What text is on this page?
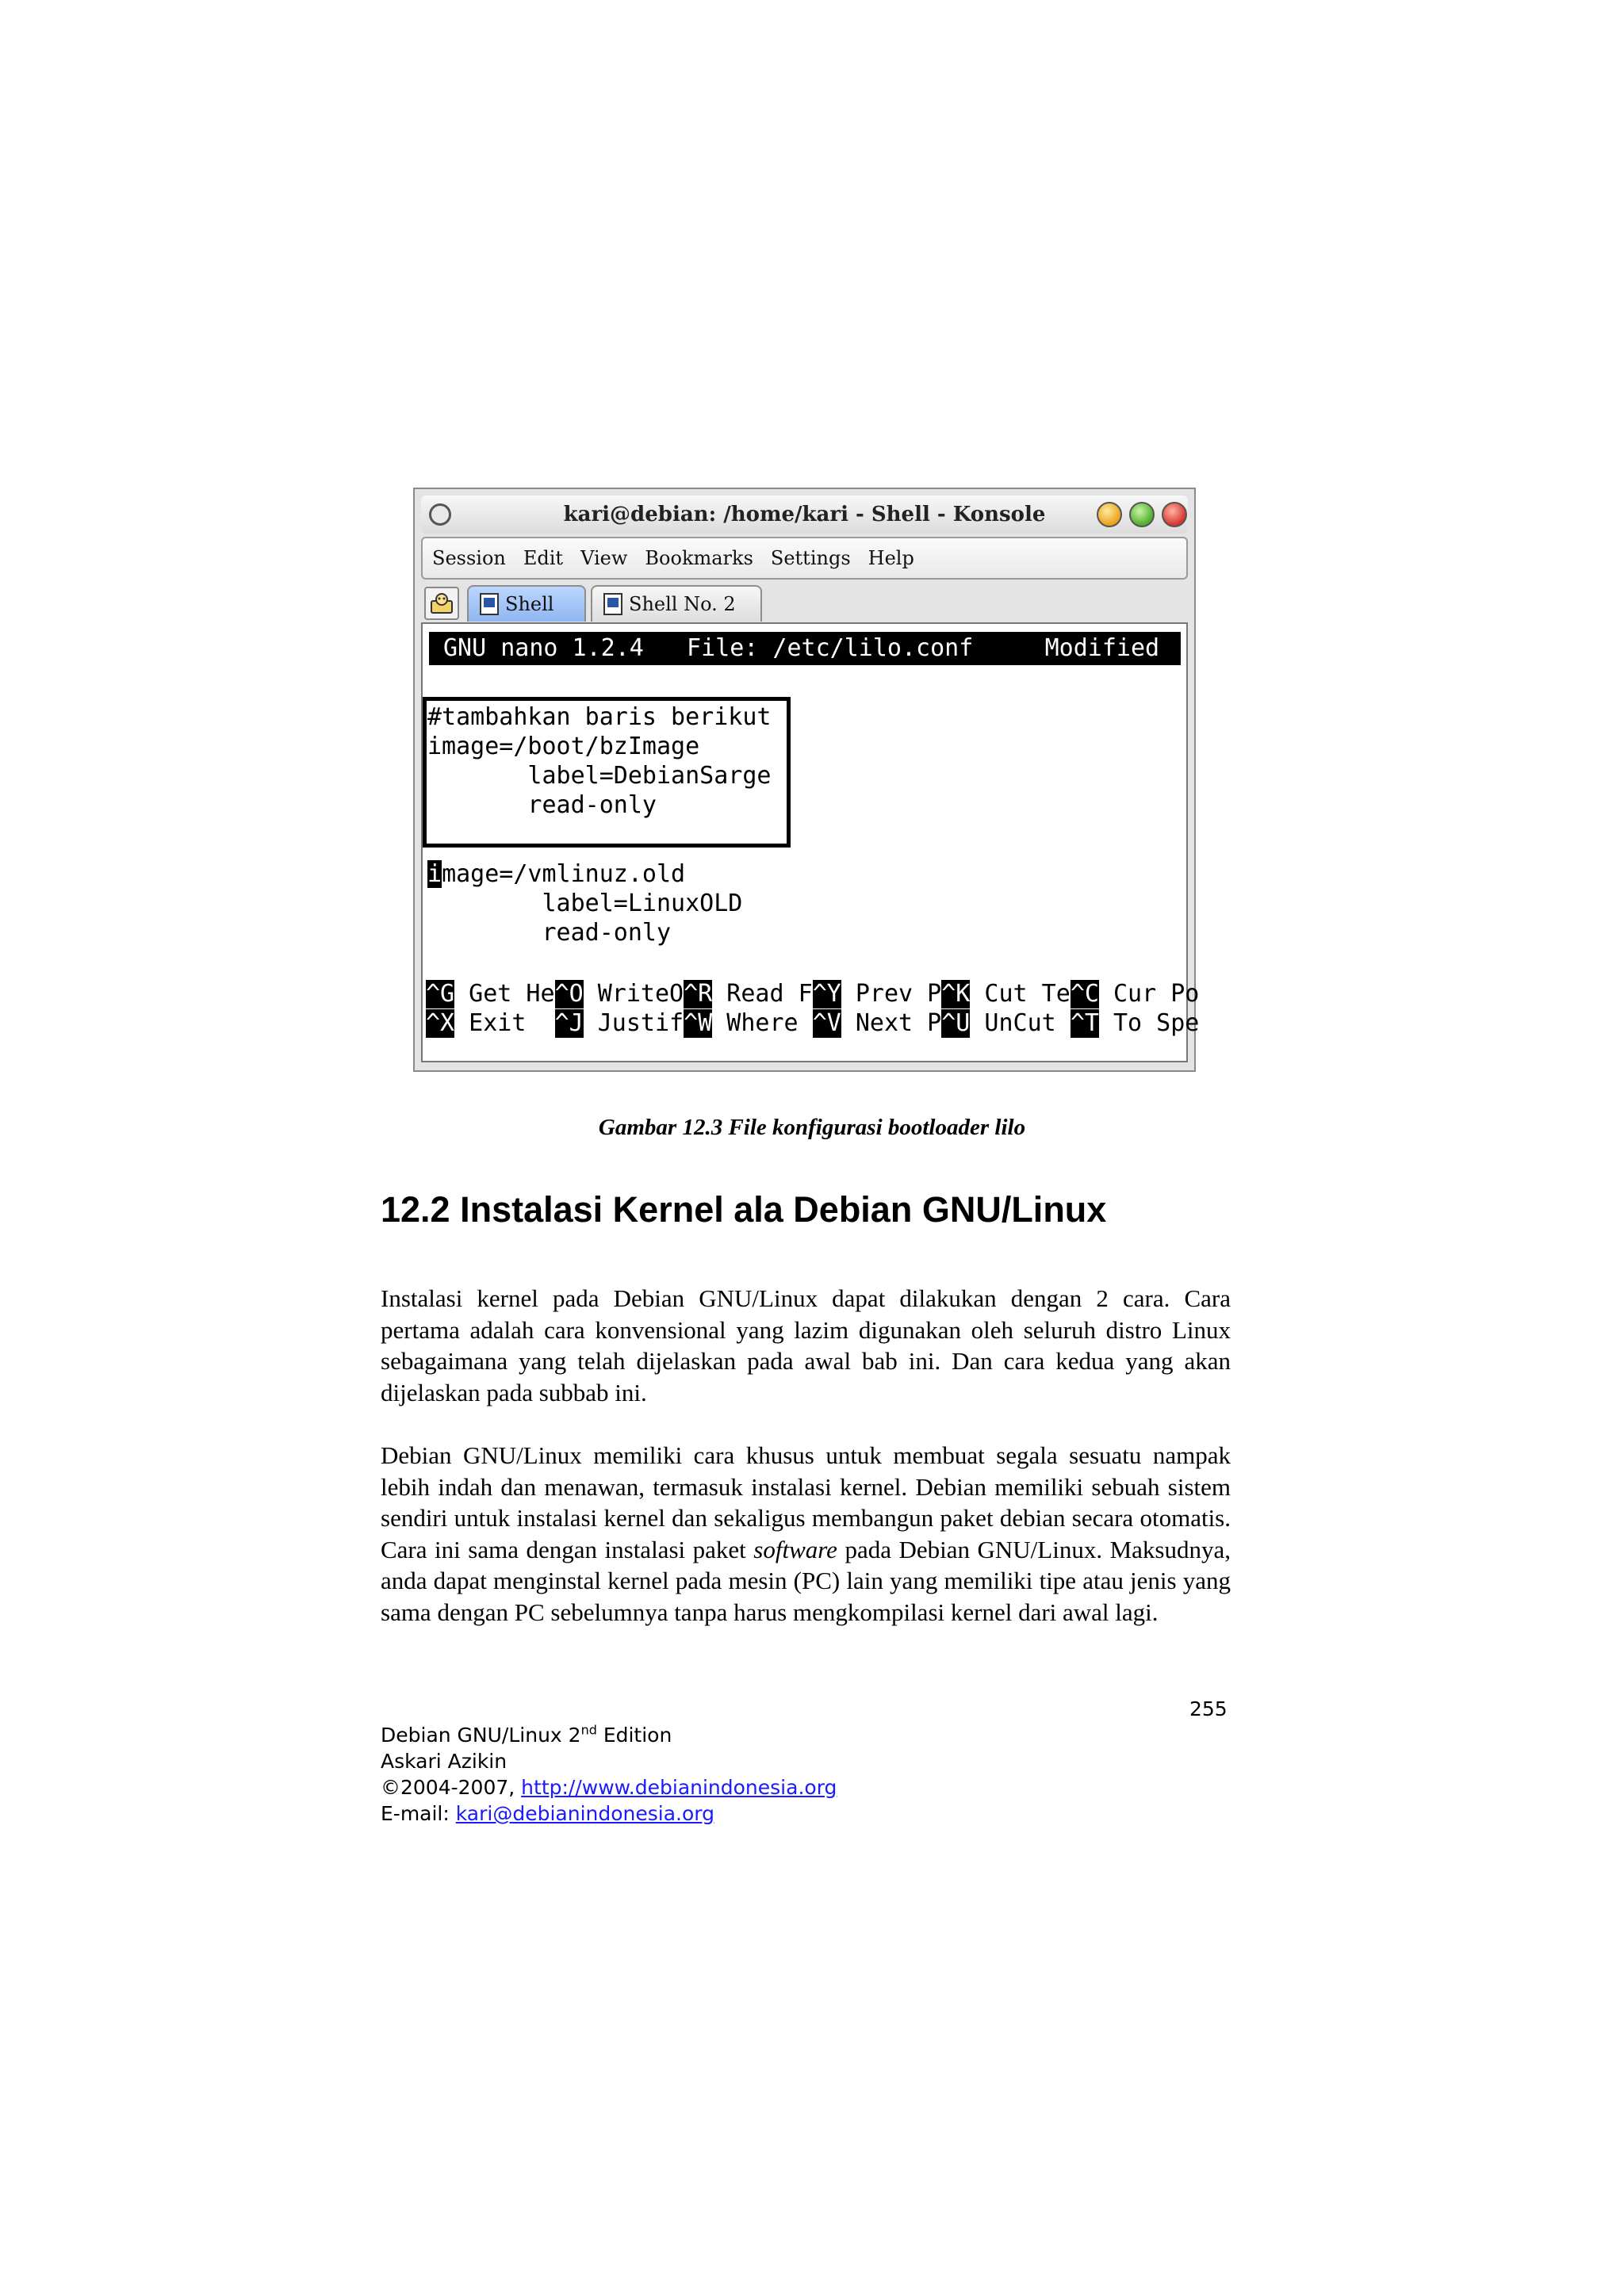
kari@debian: /home/kari - Shell - Konsole
Session Edit View Bookmarks Settings Help
Shell	Shell No. 2
GNU nano 1.2.4   File: /etc/lilo.conf     Modified
#tambahkan baris berikut
image=/boot/bzImage
label=DebianSarge
read-only
image=/vmlinuz.old
label=LinuxOLD
read-only
^G Get He ^O WriteO ^R Read F ^Y Prev P ^K Cut Te ^C Cur Po
^X Exit ^J Justif ^W Where ^V Next P ^U UnCut ^T To Spe
Gambar 12.3 File konfigurasi bootloader lilo
12.2 Instalasi Kernel ala Debian GNU/Linux

Instalasi kernel pada Debian GNU/Linux dapat dilakukan dengan 2 cara. Cara pertama adalah cara konvensional yang lazim digunakan oleh seluruh distro Linux sebagaimana yang telah dijelaskan pada awal bab ini. Dan cara kedua yang akan dijelaskan pada subbab ini.

Debian GNU/Linux memiliki cara khusus untuk membuat segala sesuatu nampak lebih indah dan menawan, termasuk instalasi kernel. Debian memiliki sebuah sistem sendiri untuk instalasi kernel dan sekaligus membangun paket debian secara otomatis. Cara ini sama dengan instalasi paket software pada Debian GNU/Linux. Maksudnya, anda dapat menginstal kernel pada mesin (PC) lain yang memiliki tipe atau jenis yang sama dengan PC sebelumnya tanpa harus mengkompilasi kernel dari awal lagi.

255
Debian GNU/Linux 2nd Edition
Askari Azikin
©2004-2007, http://www.debianindonesia.org
E-mail: kari@debianindonesia.org
